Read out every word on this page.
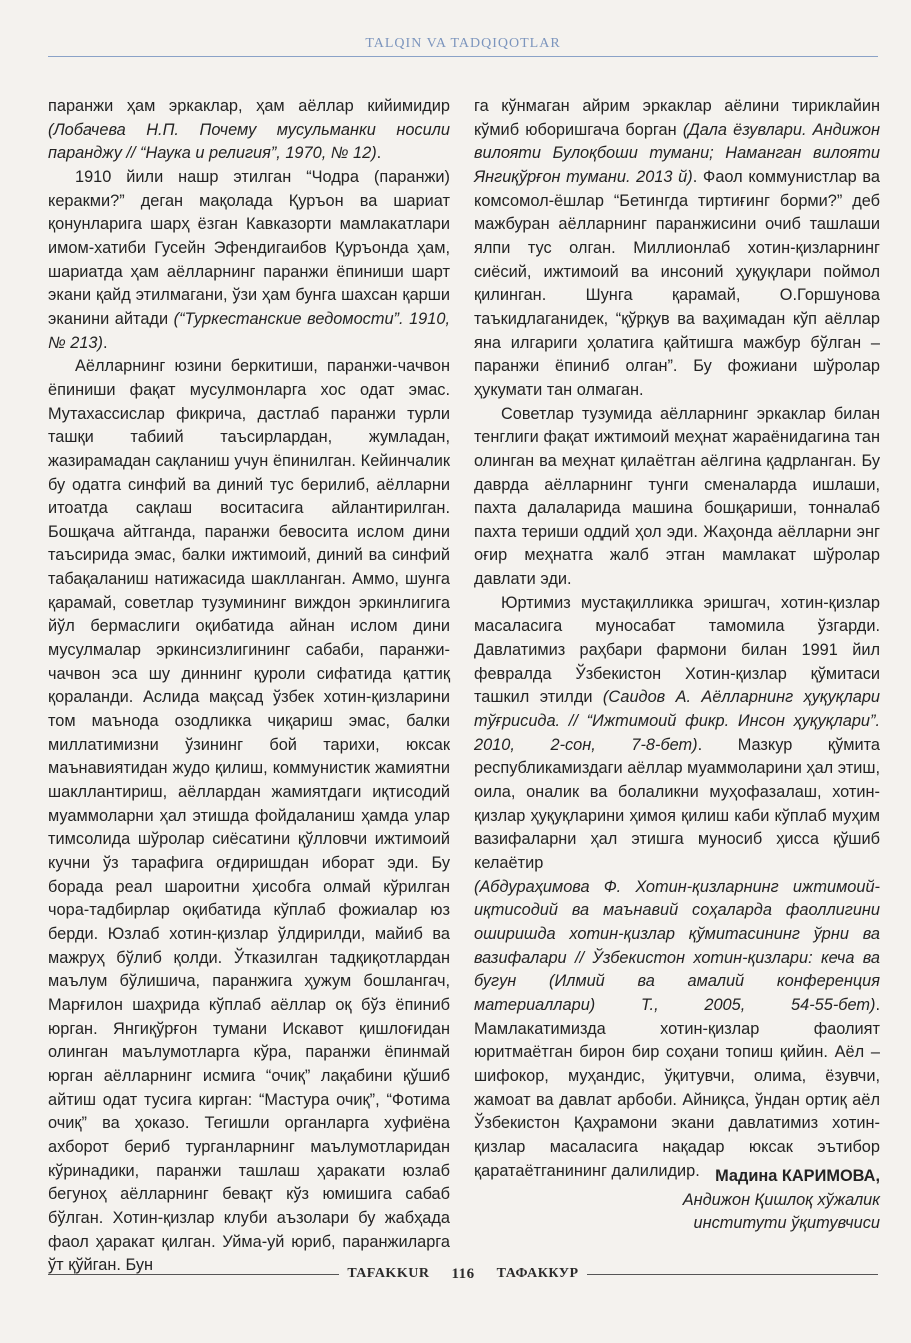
TALQIN VA TADQIQOTLAR

паранжи ҳам эркаклар, ҳам аёллар кийимидир (Лобачева Н.П. Почему мусульманки носили паранджу // “Наука и религия”, 1970, № 12).

1910 йили нашр этилган “Чодра (паранжи) керакми?” деган мақолада Қуръон ва шариат қонунларига шарҳ ёзган Кавказорти мамлакатлари имом-хатиби Гусейн Эфендигаибов Қуръонда ҳам, шариатда ҳам аёлларнинг паранжи ёпиниши шарт экани қайд этилмагани, ўзи ҳам бунга шахсан қарши эканини айтади (“Туркестанские ведомости”. 1910, № 213).

Аёлларнинг юзини беркитиши, паранжи-чачвон ёпиниши фақат мусулмонларга хос одат эмас. Мутахассислар фикрича, дастлаб паранжи турли ташқи табиий таъсирлардан, жумладан, жазирамадан сақланиш учун ёпинилган. Кейинчалик бу одатга синфий ва диний тус берилиб, аёлларни итоатда сақлаш воситасига айлантирилган. Бошқача айтганда, паранжи бевосита ислом дини таъсирида эмас, балки ижтимоий, диний ва синфий табақаланиш натижасида шаклланган. Аммо, шунга қарамай, советлар тузумининг виждон эркинлигига йўл бермаслиги оқибатида айнан ислом дини мусулмалар эркинсизлигининг сабаби, паранжи-чачвон эса шу диннинг қуроли сифатида қаттиқ қораланди. Аслида мақсад ўзбек хотин-қизларини том маънода озодликка чиқариш эмас, балки миллатимизни ўзининг бой тарихи, юксак маънавиятидан жудо қилиш, коммунистик жамиятни шакллантириш, аёллардан жамиятдаги иқтисодий муаммоларни ҳал этишда фойдаланиш ҳамда улар тимсолида шўролар сиёсатини қўлловчи ижтимоий кучни ўз тарафига оғдиришдан иборат эди. Бу борада реал шароитни ҳисобга олмай кўрилган чора-тадбирлар оқибатида кўплаб фожиалар юз берди. Юзлаб хотин-қизлар ўлдирилди, майиб ва мажруҳ бўлиб қолди. Ўтказилган тадқиқотлардан маълум бўлишича, паранжига ҳужум бошлангач, Марғилон шаҳрида кўплаб аёллар оқ бўз ёпиниб юрган. Янгиқўрғон тумани Искавот қишлоғидан олинган маълумотларга кўра, паранжи ёпинмай юрган аёлларнинг исмига “очиқ” лақабини қўшиб айтиш одат тусига кирган: “Мастура очиқ”, “Фотима очиқ” ва ҳоказо. Тегишли органларга хуфиёна ахборот бериб турганларнинг маълумотларидан кўринадики, паранжи ташлаш ҳаракати юзлаб бегуноҳ аёлларнинг бевақт кўз юмишига сабаб бўлган. Хотин-қизлар клуби аъзолари бу жабҳада фаол ҳаракат қилган. Уйма-уй юриб, паранжиларга ўт қўйган. Бун

га кўнмаган айрим эркаклар аёлини тириклайин кўмиб юборишгача борган (Дала ёзувлари. Андижон вилояти Булоқбоши тумани; Наманган вилояти Янгиқўрғон тумани. 2013 й). Фаол коммунистлар ва комсомол-ёшлар “Бетингда тиртиғинг борми?” деб мажбуран аёлларнинг паранжисини очиб ташлаши ялпи тус олган. Миллионлаб хотин-қизларнинг сиёсий, ижтимоий ва инсоний ҳуқуқлари поймол қилинган. Шунга қарамай, О.Горшунова таъкидлаганидек, “қўрқув ва ваҳимадан кўп аёллар яна илгариги ҳолатига қайтишга мажбур бўлган – паранжи ёпиниб олган”. Бу фожиани шўролар ҳукумати тан олмаган.

Советлар тузумида аёлларнинг эркаклар билан тенглиги фақат ижтимоий меҳнат жараёнидагина тан олинган ва меҳнат қилаётган аёлгина қадрланган. Бу даврда аёлларнинг тунги сменаларда ишлаши, пахта далаларида машина бошқариши, тонналаб пахта териши оддий ҳол эди. Жаҳонда аёлларни энг оғир меҳнатга жалб этган мамлакат шўролар давлати эди.

Юртимиз мустақилликка эришгач, хотин-қизлар масаласига муносабат тамомила ўзгарди. Давлатимиз раҳбари фармони билан 1991 йил февралда Ўзбекистон Хотин-қизлар қўмитаси ташкил этилди (Саидов А. Аёлларнинг ҳуқуқлари тўғрисида. // “Ижтимоий фикр. Инсон ҳуқуқлари”. 2010, 2-сон, 7-8-бет). Мазкур қўмита республикамиздаги аёллар муаммоларини ҳал этиш, оила, оналик ва болаликни муҳофазалаш, хотин-қизлар ҳуқуқларини ҳимоя қилиш каби кўплаб муҳим вазифаларни ҳал этишга муносиб ҳисса қўшиб келаётир

(Абдураҳимова Ф. Хотин-қизларнинг ижтимоий-иқтисодий ва маънавий соҳаларда фаоллигини оширишда хотин-қизлар қўмитасининг ўрни ва вазифалари // Ўзбекистон хотин-қизлари: кеча ва бугун (Илмий ва амалий конференция материаллари) Т., 2005, 54-55-бет). Мамлакатимизда хотин-қизлар фаолият юритмаётган бирон бир соҳани топиш қийин. Аёл – шифокор, муҳандис, ўқитувчи, олима, ёзувчи, жамоат ва давлат арбоби. Айниқса, ўндан ортиқ аёл Ўзбекистон Қаҳрамони экани давлатимиз хотин-қизлар масаласига нақадар юксак эътибор қаратаётганининг далилидир. Мадина КАРИМОВА,
Андижон Қишлоқ хўжалик
институти ўқитувчиси
TAFAKKUR	116	ТАФАККУР
